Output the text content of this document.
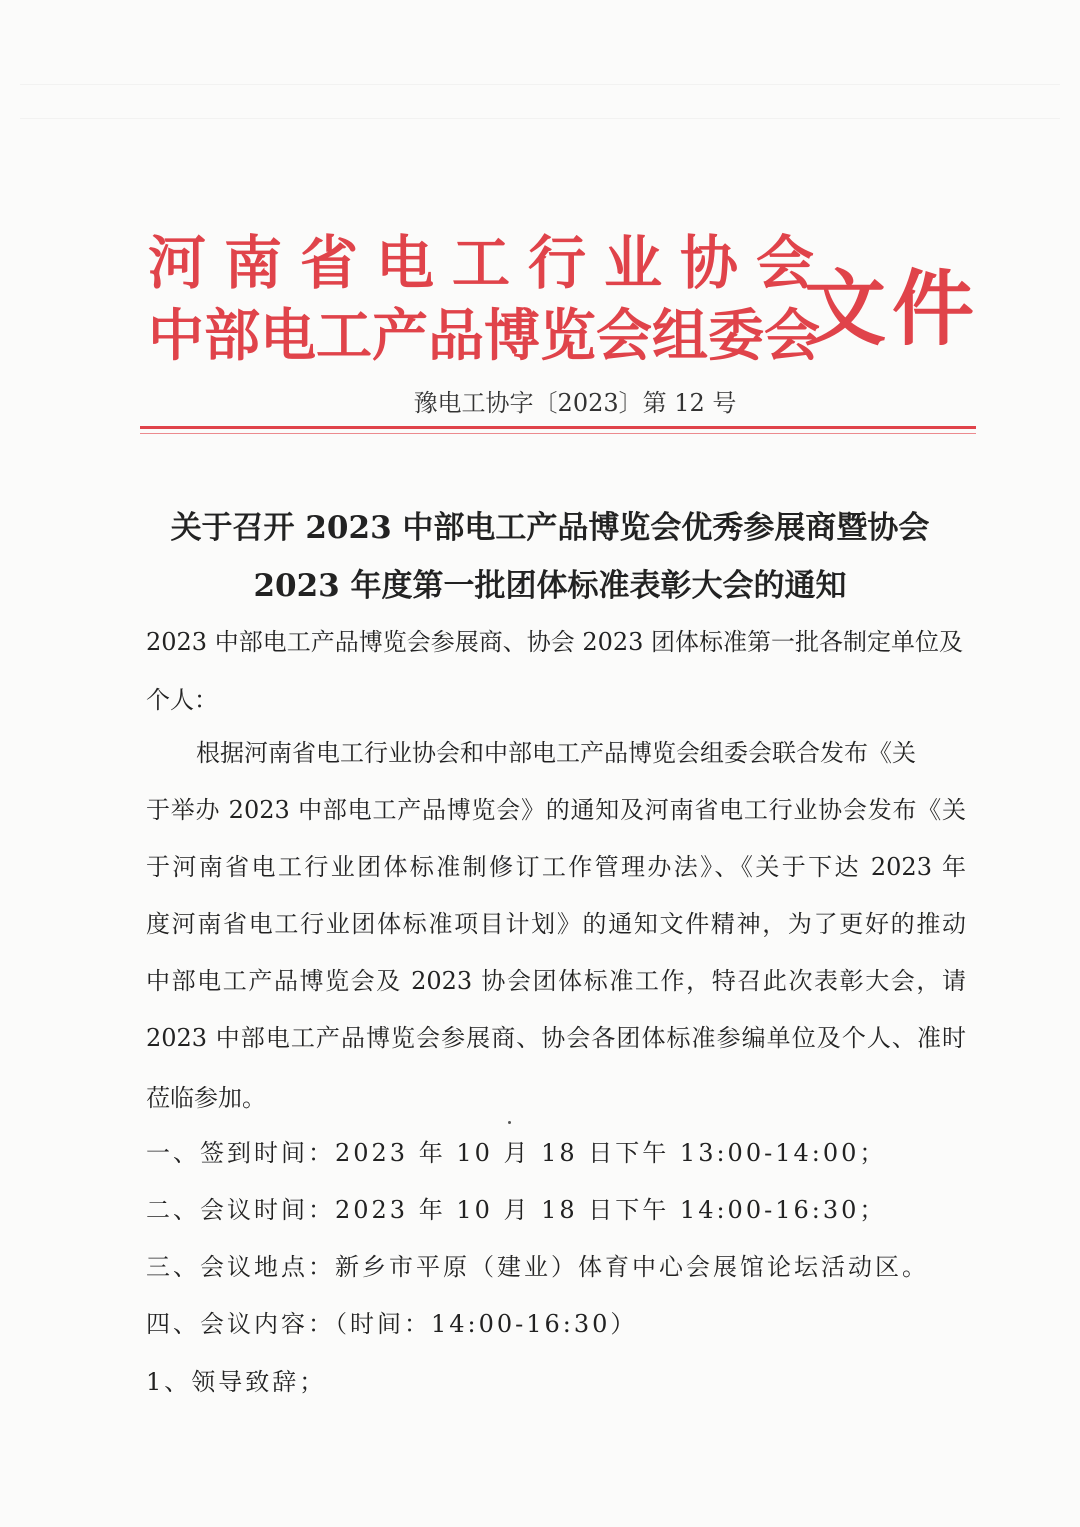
河南省电工行业协会
中部电工产品博览会组委会
文件
豫电工协字〔2023〕第 12 号
关于召开 2023 中部电工产品博览会优秀参展商暨协会
2023 年度第一批团体标准表彰大会的通知
2023 中部电工产品博览会参展商、协会 2023 团体标准第一批各制定单位及
个人：
根据河南省电工行业协会和中部电工产品博览会组委会联合发布《关
于举办 2023 中部电工产品博览会》的通知及河南省电工行业协会发布《关
于河南省电工行业团体标准制修订工作管理办法》、《关于下达 2023 年
度河南省电工行业团体标准项目计划》的通知文件精神，为了更好的推动
中部电工产品博览会及 2023 协会团体标准工作，特召此次表彰大会，请
2023 中部电工产品博览会参展商、协会各团体标准参编单位及个人、准时
莅临参加。
一、签到时间：2023 年 10 月 18 日下午 13:00-14:00；
二、会议时间：2023 年 10 月 18 日下午 14:00-16:30；
三、会议地点：新乡市平原（建业）体育中心会展馆论坛活动区。
四、会议内容：（时间：14:00-16:30）
1、领导致辞；
